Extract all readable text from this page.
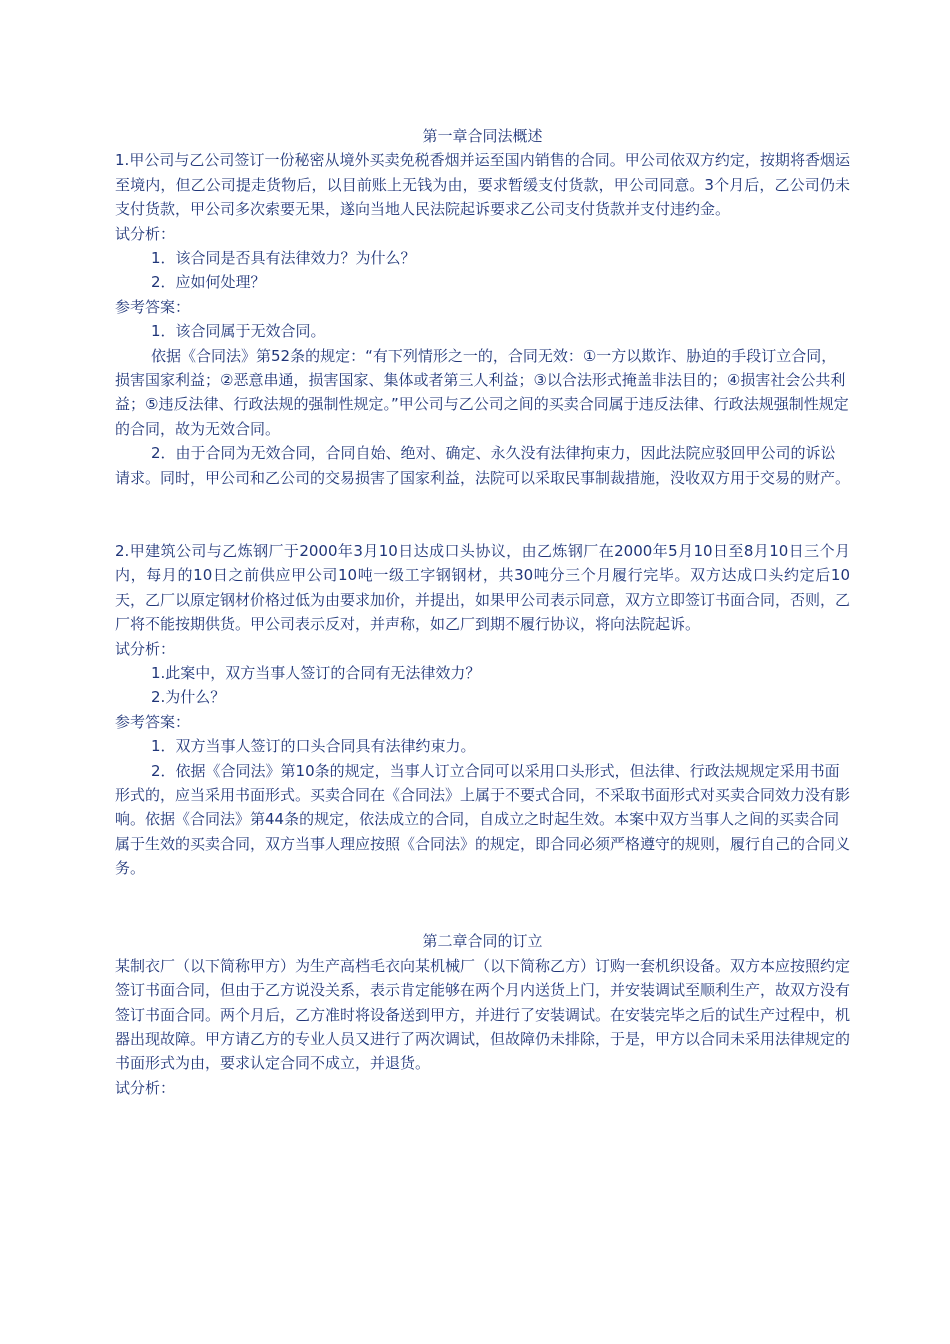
第一章合同法概述

1.甲公司与乙公司签订一份秘密从境外买卖免税香烟并运至国内销售的合同。甲公司依双方约定，按期将香烟运至境内，但乙公司提走货物后，以目前账上无钱为由，要求暂缓支付货款，甲公司同意。3个月后，乙公司仍未支付货款，甲公司多次索要无果，遂向当地人民法院起诉要求乙公司支付货款并支付违约金。

试分析：

1．该合同是否具有法律效力？为什么？

2．应如何处理？

参考答案：

1．该合同属于无效合同。

依据《合同法》第52条的规定：“有下列情形之一的，合同无效：①一方以欺诈、胁迫的手段订立合同，损害国家利益；②恶意串通，损害国家、集体或者第三人利益；③以合法形式掩盖非法目的；④损害社会公共利益；⑤违反法律、行政法规的强制性规定。”甲公司与乙公司之间的买卖合同属于违反法律、行政法规强制性规定的合同，故为无效合同。

2．由于合同为无效合同，合同自始、绝对、确定、永久没有法律拘束力，因此法院应驳回甲公司的诉讼请求。同时，甲公司和乙公司的交易损害了国家利益，法院可以采取民事制裁措施，没收双方用于交易的财产。

2.甲建筑公司与乙炼钢厂于2000年3月10日达成口头协议，由乙炼钢厂在2000年5月10日至8月10日三个月内，每月的10日之前供应甲公司10吨一级工字钢钢材，共30吨分三个月履行完毕。双方达成口头约定后10天，乙厂以原定钢材价格过低为由要求加价，并提出，如果甲公司表示同意，双方立即签订书面合同，否则，乙厂将不能按期供货。甲公司表示反对，并声称，如乙厂到期不履行协议，将向法院起诉。

试分析：

1.此案中，双方当事人签订的合同有无法律效力？

2.为什么？

参考答案：

1．双方当事人签订的口头合同具有法律约束力。

2．依据《合同法》第10条的规定，当事人订立合同可以采用口头形式，但法律、行政法规规定采用书面形式的，应当采用书面形式。买卖合同在《合同法》上属于不要式合同，不采取书面形式对买卖合同效力没有影响。依据《合同法》第44条的规定，依法成立的合同，自成立之时起生效。本案中双方当事人之间的买卖合同属于生效的买卖合同，双方当事人理应按照《合同法》的规定，即合同必须严格遵守的规则，履行自己的合同义务。

第二章合同的订立

某制衣厂（以下简称甲方）为生产高档毛衣向某机械厂（以下简称乙方）订购一套机织设备。双方本应按照约定签订书面合同，但由于乙方说没关系，表示肯定能够在两个月内送货上门，并安装调试至顺利生产，故双方没有签订书面合同。两个月后，乙方准时将设备送到甲方，并进行了安装调试。在安装完毕之后的试生产过程中，机器出现故障。甲方请乙方的专业人员又进行了两次调试，但故障仍未排除，于是，甲方以合同未采用法律规定的书面形式为由，要求认定合同不成立，并退货。

试分析：
